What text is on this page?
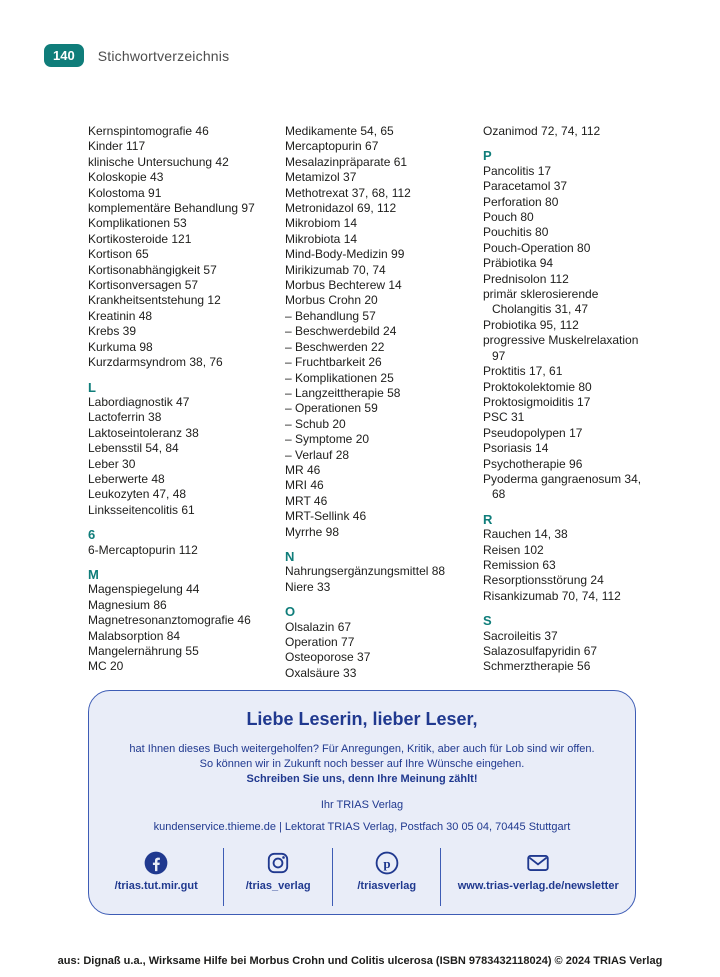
140	Stichwortverzeichnis
Kernspintomografie 46
Kinder 117
klinische Untersuchung 42
Koloskopie 43
Kolostoma 91
komplementäre Behandlung 97
Komplikationen 53
Kortikosteroide 121
Kortison 65
Kortisonabhängigkeit 57
Kortisonversagen 57
Krankheitsentstehung 12
Kreatinin 48
Krebs 39
Kurkuma 98
Kurzdarmsyndrom 38, 76
L
Labordiagnostik 47
Lactoferrin 38
Laktoseintoleranz 38
Lebensstil 54, 84
Leber 30
Leberwerte 48
Leukozyten 47, 48
Linksseitencolitis 61
6
6-Mercaptopurin 112
M
Magenspiegelung 44
Magnesium 86
Magnetresonanztomografie 46
Malabsorption 84
Mangelernährung 55
MC 20
Medikamente 54, 65
Mercaptopurin 67
Mesalazinpräparate 61
Metamizol 37
Methotrexat 37, 68, 112
Metronidazol 69, 112
Mikrobiom 14
Mikrobiota 14
Mind-Body-Medizin 99
Mirikizumab 70, 74
Morbus Bechterew 14
Morbus Crohn 20
– Behandlung 57
– Beschwerdebild 24
– Beschwerden 22
– Fruchtbarkeit 26
– Komplikationen 25
– Langzeittherapie 58
– Operationen 59
– Schub 20
– Symptome 20
– Verlauf 28
MR 46
MRI 46
MRT 46
MRT-Sellink 46
Myrrhe 98
N
Nahrungsergänzungsmittel 88
Niere 33
O
Olsalazin 67
Operation 77
Osteoporose 37
Oxalsäure 33
Ozanimod 72, 74, 112
P
Pancolitis 17
Paracetamol 37
Perforation 80
Pouch 80
Pouchitis 80
Pouch-Operation 80
Präbiotika 94
Prednisolon 112
primär sklerosierende Cholangitis 31, 47
Probiotika 95, 112
progressive Muskelrelaxation 97
Proktitis 17, 61
Proktokolektomie 80
Proktosigmoiditis 17
PSC 31
Pseudopolypen 17
Psoriasis 14
Psychotherapie 96
Pyoderma gangraenosum 34, 68
R
Rauchen 14, 38
Reisen 102
Remission 63
Resorptionsstörung 24
Risankizumab 70, 74, 112
S
Sacroileitis 37
Salazosulfapyridin 67
Schmerztherapie 56
Liebe Leserin, lieber Leser,
hat Ihnen dieses Buch weitergeholfen? Für Anregungen, Kritik, aber auch für Lob sind wir offen.
So können wir in Zukunft noch besser auf Ihre Wünsche eingehen.
Schreiben Sie uns, denn Ihre Meinung zählt!
Ihr TRIAS Verlag
kundenservice.thieme.de | Lektorat TRIAS Verlag, Postfach 30 05 04, 70445 Stuttgart
/trias.tut.mir.gut	/trias_verlag
p
/triasverlag	www.trias-verlag.de/newsletter
aus: Dignaß u.a., Wirksame Hilfe bei Morbus Crohn und Colitis ulcerosa (ISBN 9783432118024) © 2024 TRIAS Verlag
